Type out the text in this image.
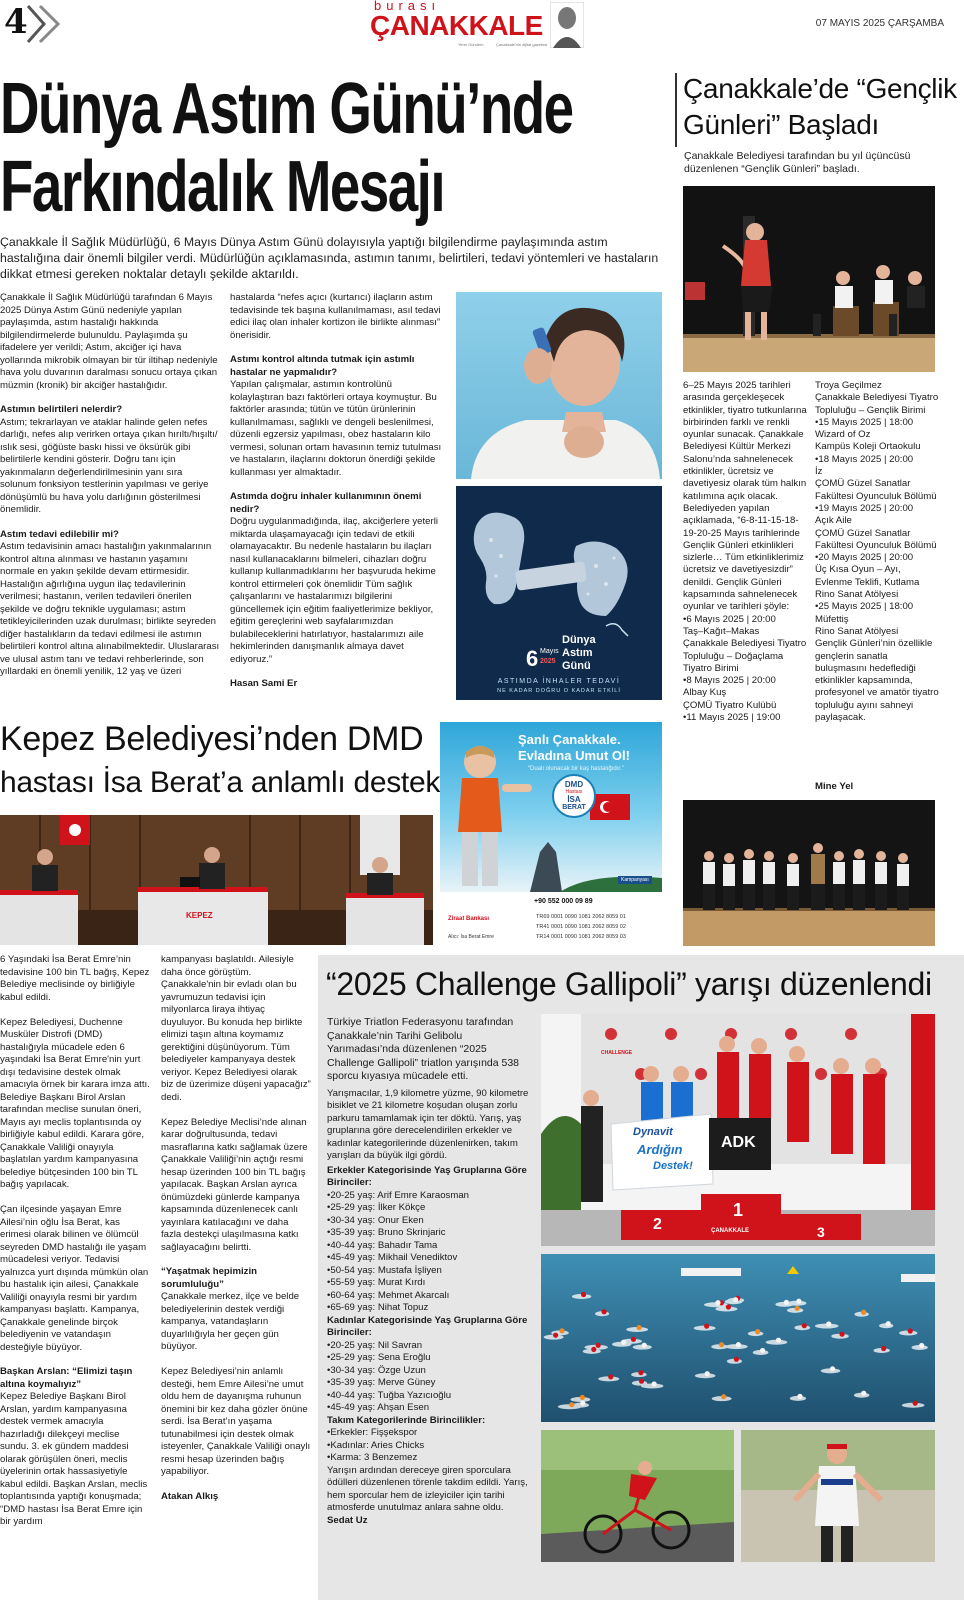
4	burası
ÇANAKKALE
Yerel Gündem	Çanakkale'nin dijital gazetesi
07 MAYIS 2025 ÇARŞAMBA
Dünya Astım Günü’nde
Farkındalık Mesajı
Çanakkale İl Sağlık Müdürlüğü, 6 Mayıs Dünya Astım Günü dolayısıyla yaptığı bilgilendirme paylaşımında astım hastalığına dair önemli bilgiler verdi. Müdürlüğün açıklamasında, astımın tanımı, belirtileri, tedavi yöntemleri ve hastaların dikkat etmesi gereken noktalar detaylı şekilde aktarıldı.

Çanakkale İl Sağlık Müdürlüğü tarafından 6 Mayıs 2025 Dünya Astım Günü nedeniyle yapılan paylaşımda, astım hastalığı hakkında bilgilendirmelerde bulunuldu. Paylaşımda şu ifadelere yer verildi; Astım, akciğer içi hava yollarında mikrobik olmayan bir tür iltihap nedeniyle hava yolu duvarının daralması sonucu ortaya çıkan müzmin (kronik) bir akciğer hastalığıdır.

Astımın belirtileri nelerdir?

Astım; tekrarlayan ve ataklar halinde gelen nefes darlığı, nefes alıp verirken ortaya çıkan hırıltı/hışıltı/ıslık sesi, göğüste baskı hissi ve öksürük gibi belirtilerle kendini gösterir. Doğru tanı için yakınmaların değerlendirilmesinin yanı sıra solunum fonksiyon testlerinin yapılması ve geriye dönüşümlü bu hava yolu darlığının gösterilmesi önemlidir.

Astım tedavi edilebilir mi?

Astım tedavisinin amacı hastalığın yakınmalarının kontrol altına alınması ve hastanın yaşamını normale en yakın şekilde devam ettirmesidir. Hastalığın ağırlığına uygun ilaç tedavilerinin verilmesi; hastanın, verilen tedavileri önerilen şekilde ve doğru teknikle uygulaması; astım tetikleyicilerinden uzak durulması; birlikte seyreden diğer hastalıkların da tedavi edilmesi ile astımın belirtileri kontrol altına alınabilmektedir. Uluslararası ve ulusal astım tanı ve tedavi rehberlerinde, son yıllardaki en önemli yenilik, 12 yaş ve üzeri

hastalarda “nefes açıcı (kurtarıcı) ilaçların astım tedavisinde tek başına kullanılmaması, asıl tedavi edici ilaç olan inhaler kortizon ile birlikte alınması” önerisidir.

Astımı kontrol altında tutmak için astımlı hastalar ne yapmalıdır?

Yapılan çalışmalar, astımın kontrolünü kolaylaştıran bazı faktörleri ortaya koymuştur. Bu faktörler arasında; tütün ve tütün ürünlerinin kullanılmaması, sağlıklı ve dengeli beslenilmesi, düzenli egzersiz yapılması, obez hastaların kilo vermesi, solunan ortam havasının temiz tutulması ve hastaların, ilaçlarını doktorun önerdiği şekilde kullanması yer almaktadır.

Astımda doğru inhaler kullanımının önemi nedir?

Doğru uygulanmadığında, ilaç, akciğerlere yeterli miktarda ulaşamayacağı için tedavi de etkili olamayacaktır. Bu nedenle hastaların bu ilaçları nasıl kullanacaklarını bilmeleri, cihazları doğru kullanıp kullanmadıklarını her başvuruda hekime kontrol ettirmeleri çok önemlidir Tüm sağlık çalışanlarını ve hastalarımızı bilgilerini güncellemek için eğitim faaliyetlerimize bekliyor, eğitim gereçlerini web sayfalarımızdan bulabileceklerini hatırlatıyor, hastalarımızı aile hekimlerinden danışmanlık almaya davet ediyoruz.”

Hasan Sami Er
6 Mayıs
2025
Dünya
Astım
Günü
ASTIMDA İNHALER TEDAVİ
NE KADAR DOĞRU O KADAR ETKİLİ
Çanakkale’de “Gençlik
Günleri” Başladı
Çanakkale Belediyesi tarafından bu yıl üçüncüsü düzenlenen “Gençlik Günleri” başladı.
6–25 Mayıs 2025 tarihleri arasında gerçekleşecek etkinlikler, tiyatro tutkunlarına birbirinden farklı ve renkli oyunlar sunacak. Çanakkale Belediyesi Kültür Merkezi Salonu’nda sahnelenecek etkinlikler, ücretsiz ve davetiyesiz olarak tüm halkın katılımına açık olacak.
Belediyeden yapılan açıklamada, “6-8-11-15-18-19-20-25 Mayıs tarihlerinde Gençlik Günleri etkinlikleri sizlerle… Tüm etkinliklerimiz ücretsiz ve davetiyesizdir” denildi. Gençlik Günleri kapsamında sahnelenecek oyunlar ve tarihleri şöyle:
•6 Mayıs 2025 | 20:00
Taş–Kağıt–Makas
Çanakkale Belediyesi Tiyatro Topluluğu – Doğaçlama Tiyatro Birimi
•8 Mayıs 2025 | 20:00
Albay Kuş
ÇOMÜ Tiyatro Kulübü
•11 Mayıs 2025 | 19:00
Troya Geçilmez
Çanakkale Belediyesi Tiyatro Topluluğu – Gençlik Birimi
•15 Mayıs 2025 | 18:00
Wizard of Oz
Kampüs Koleji Ortaokulu
•18 Mayıs 2025 | 20:00
İz
ÇOMÜ Güzel Sanatlar Fakültesi Oyunculuk Bölümü
•19 Mayıs 2025 | 20:00
Açık Aile
ÇOMÜ Güzel Sanatlar Fakültesi Oyunculuk Bölümü
•20 Mayıs 2025 | 20:00
Üç Kısa Oyun – Ayı, Evlenme Teklifi, Kutlama
Rino Sanat Atölyesi
•25 Mayıs 2025 | 18:00
Müfettiş
Rino Sanat Atölyesi
Gençlik Günleri’nin özellikle gençlerin sanatla buluşmasını hedeflediği etkinlikler kapsamında, profesyonel ve amatör tiyatro topluluğu ayını sahneyi paylaşacak.
Mine Yel
Kepez Belediyesi’nden DMD
hastası İsa Berat’a anlamlı destek
KEPEZ
Şanlı Çanakkale.
Evladına Umut Ol!
“Dualı olunacak bir kaş hastalığıdır.”
DMD
Hastası
İSA
BERAT
Kampanyası
+90 552 000 09 89
Ziraat Bankası
Alıcı: İsa Berat Emre
TR69 0001 0090 1081 2062 8059 01
TR41 0001 0090 1081 2062 8059 02
TR14 0001 0090 1081 2062 8059 03

6 Yaşındaki İsa Berat Emre’nin tedavisine 100 bin TL bağış, Kepez Belediye meclisinde oy birliğiyle kabul edildi.

Kepez Belediyesi, Duchenne Musküler Distrofi (DMD) hastalığıyla mücadele eden 6 yaşındaki İsa Berat Emre'nin yurt dışı tedavisine destek olmak amacıyla örnek bir karara imza attı. Belediye Başkanı Birol Arslan tarafından meclise sunulan öneri, Mayıs ayı meclis toplantısında oy birliğiyle kabul edildi. Karara göre, Çanakkale Valiliği onayıyla başlatılan yardım kampanyasına belediye bütçesinden 100 bin TL bağış yapılacak.

Çan ilçesinde yaşayan Emre Ailesi’nin oğlu İsa Berat, kas erimesi olarak bilinen ve ölümcül seyreden DMD hastalığı ile yaşam mücadelesi veriyor. Tedavisi yalnızca yurt dışında mümkün olan bu hastalık için ailesi, Çanakkale Valiliği onayıyla resmi bir yardım kampanyası başlattı. Kampanya, Çanakkale genelinde birçok belediyenin ve vatandaşın desteğiyle büyüyor.

Başkan Arslan: “Elimizi taşın altına koymalıyız”

Kepez Belediye Başkanı Birol Arslan, yardım kampanyasına destek vermek amacıyla hazırladığı dilekçeyi meclise sundu. 3. ek gündem maddesi olarak görüşülen öneri, meclis üyelerinin ortak hassasiyetiyle kabul edildi. Başkan Arslan, meclis toplantısında yaptığı konuşmada; “DMD hastası İsa Berat Emre için bir yardım

kampanyası başlatıldı. Ailesiyle daha önce görüştüm. Çanakkale'nin bir evladı olan bu yavrumuzun tedavisi için milyonlarca liraya ihtiyaç duyuluyor. Bu konuda hep birlikte elimizi taşın altına koymamız gerektiğini düşünüyorum. Tüm belediyeler kampanyaya destek veriyor. Kepez Belediyesi olarak biz de üzerimize düşeni yapacağız” dedi.

Kepez Belediye Meclisi’nde alınan karar doğrultusunda, tedavi masraflarına katkı sağlamak üzere Çanakkale Valiliği’nin açtığı resmi hesap üzerinden 100 bin TL bağış yapılacak. Başkan Arslan ayrıca önümüzdeki günlerde kampanya kapsamında düzenlenecek canlı yayınlara katılacağını ve daha fazla destekçi ulaşılmasına katkı sağlayacağını belirtti.

“Yaşatmak hepimizin sorumluluğu”

Çanakkale merkez, ilçe ve belde belediyelerinin destek verdiği kampanya, vatandaşların duyarlılığıyla her geçen gün büyüyor.

Kepez Belediyesi’nin anlamlı desteği, hem Emre Ailesi’ne umut oldu hem de dayanışma ruhunun önemini bir kez daha gözler önüne serdi. İsa Berat’ın yaşama tutunabilmesi için destek olmak isteyenler, Çanakkale Valiliği onaylı resmi hesap üzerinden bağış yapabiliyor.

Atakan Alkış
“2025 Challenge Gallipoli” yarışı düzenlendi

Türkiye Triatlon Federasyonu tarafından Çanakkale’nin Tarihi Gelibolu Yarımadası’nda düzenlenen “2025 Challenge Gallipoli” triatlon yarışında 538 sporcu kıyasıya mücadele etti.

Yarışmacılar, 1,9 kilometre yüzme, 90 kilometre bisiklet ve 21 kilometre koşudan oluşan zorlu parkuru tamamlamak için ter döktü. Yarış, yaş gruplarına göre derecelendirilen erkekler ve kadınlar kategorilerinde düzenlenirken, takım yarışları da büyük ilgi gördü.

Erkekler Kategorisinde Yaş Gruplarına Göre Birinciler:
•20-25 yaş: Arif Emre Karaosman
•25-29 yaş: İlker Kökçe
•30-34 yaş: Onur Eken
•35-39 yaş: Bruno Skrinjaric
•40-44 yaş: Bahadır Tama
•45-49 yaş: Mikhail Venediktov
•50-54 yaş: Mustafa İşliyen
•55-59 yaş: Murat Kırdı
•60-64 yaş: Mehmet Akarcalı
•65-69 yaş: Nihat Topuz
Kadınlar Kategorisinde Yaş Gruplarına Göre Birinciler:
•20-25 yaş: Nil Savran
•25-29 yaş: Sena Eroğlu
•30-34 yaş: Özge Uzun
•35-39 yaş: Merve Güney
•40-44 yaş: Tuğba Yazıcıoğlu
•45-49 yaş: Ahşan Esen
Takım Kategorilerinde Birincilikler:
•Erkekler: Fişşekspor
•Kadınlar: Aries Chicks
•Karma: 3 Benzemez

Yarışın ardından dereceye giren sporculara ödülleri düzenlenen törenle takdim edildi. Yarış, hem sporcular hem de izleyiciler için tarihi atmosferde unutulmaz anlara sahne oldu. Sedat Uz

CHALLENGE
Dynavit
Ardığın
Destek!
ADK
1
2	3
ÇANAKKALE
